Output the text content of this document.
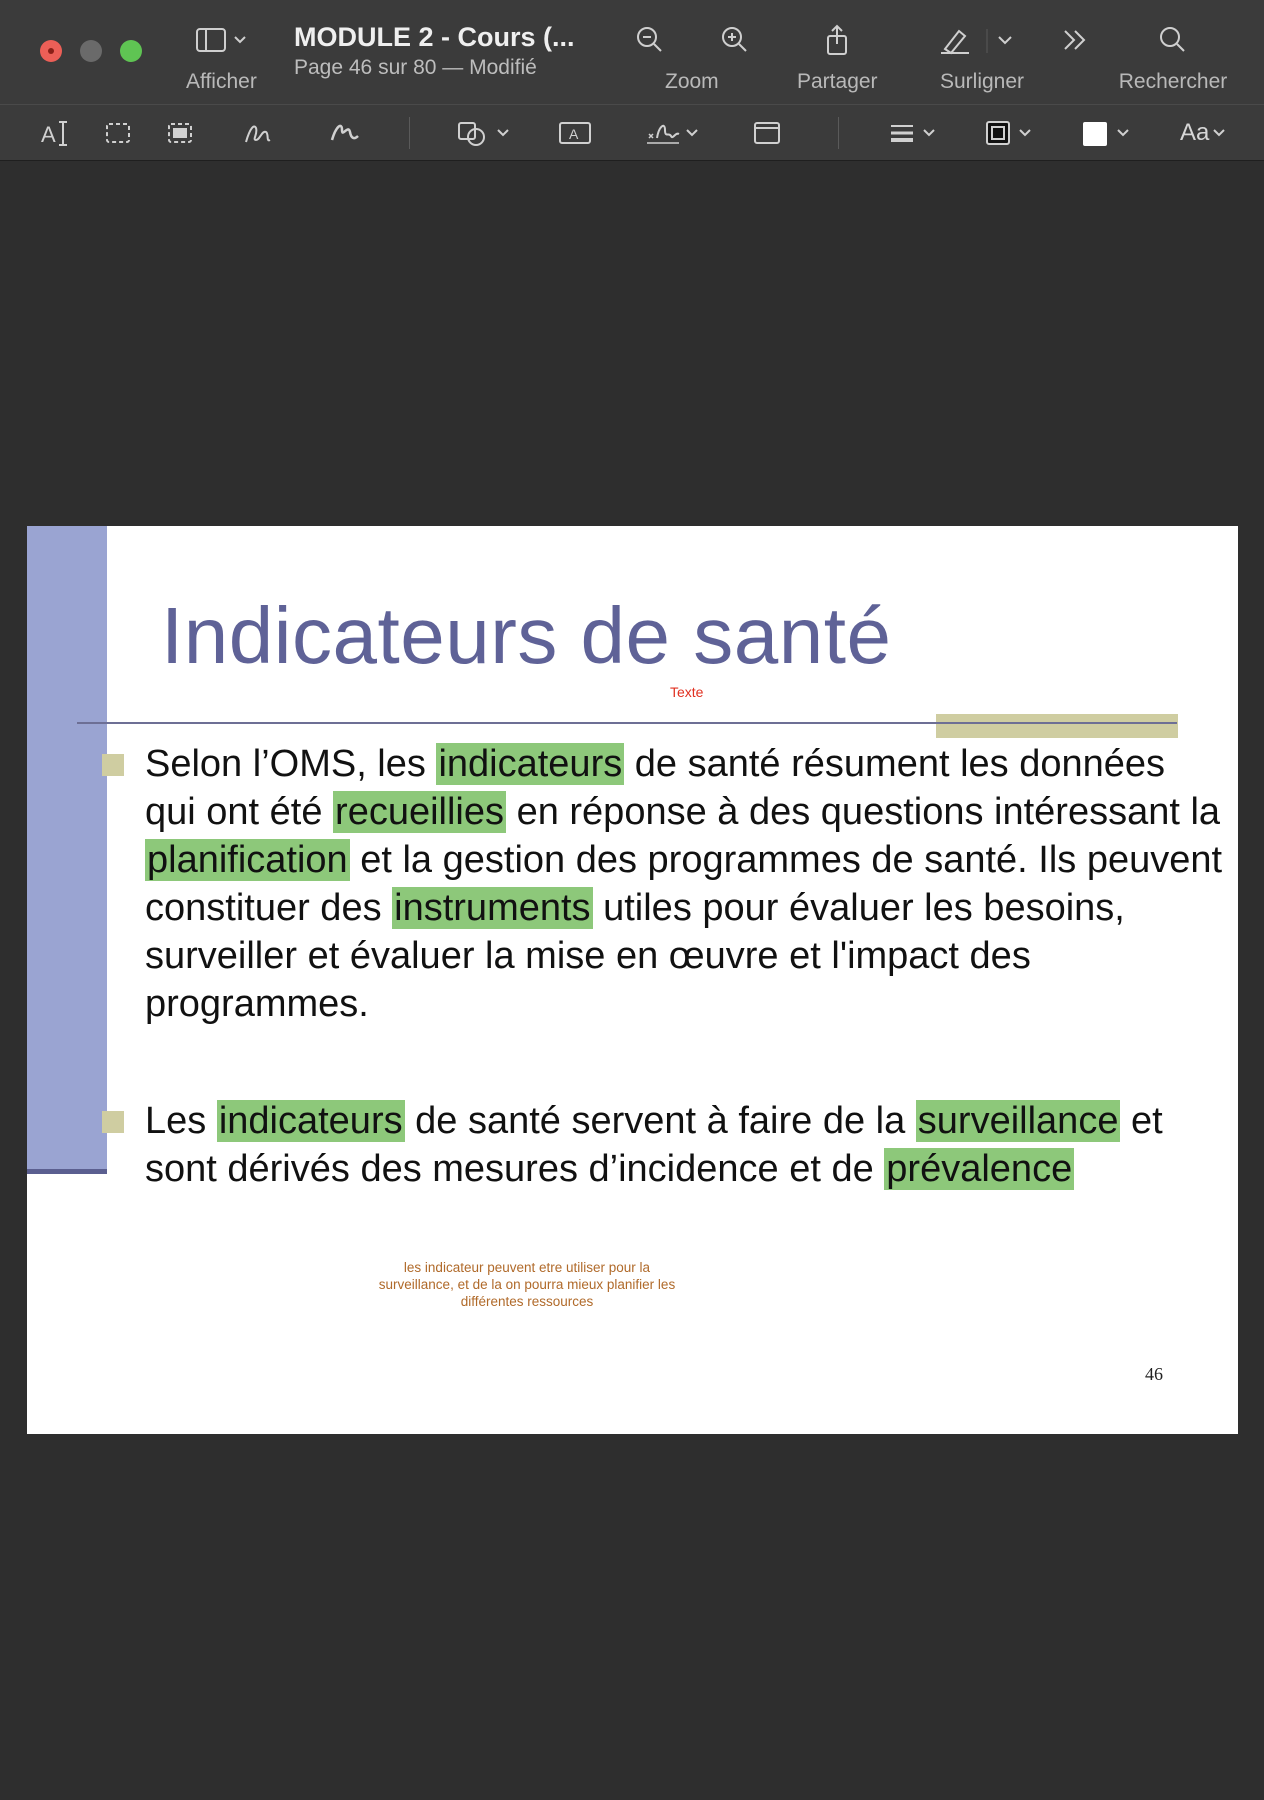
Afficher
MODULE 2 - Cours (...
Page 46 sur 80 — Modifié
Zoom	Partager	Surligner	Rechercher
A	A	Aa
Indicateurs de santé
Texte
Selon l’OMS, les indicateurs de santé résument les données qui ont été recueillies en réponse à des questions intéressant la planification et la gestion des programmes de santé. Ils peuvent constituer des instruments utiles pour évaluer les besoins, surveiller et évaluer la mise en œuvre et l'impact des programmes.
Les indicateurs de santé servent à faire de la surveillance et sont dérivés des mesures d’incidence et de prévalence
les indicateur peuvent etre utiliser pour la surveillance, et de la on pourra mieux planifier les différentes ressources
46
